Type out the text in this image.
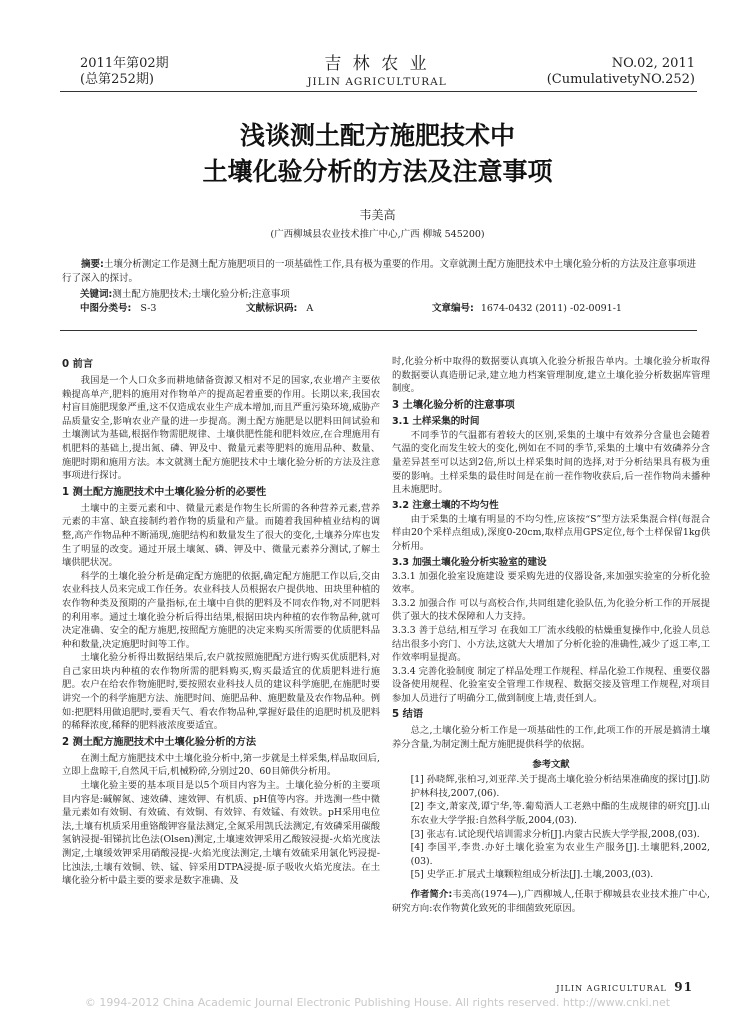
2011年第02期
(总第252期)
吉 林 农 业
JILIN AGRICULTURAL
NO.02, 2011
(CumulativetyNO.252)
浅谈测土配方施肥技术中
土壤化验分析的方法及注意事项
韦美高
(广西柳城县农业技术推广中心,广西 柳城 545200)
摘要:土壤分析测定工作是测土配方施肥项目的一项基础性工作,具有极为重要的作用。文章就测土配方施肥技术中土壤化验分析的方法及注意事项进行了深入的探讨。
关键词:测土配方施肥技术;土壤化验分析;注意事项
中图分类号: S-3	文献标识码: A	文章编号: 1674-0432 (2011) -02-0091-1
0 前言

我国是一个人口众多而耕地储备资源又相对不足的国家,农业增产主要依赖提高单产,肥料的施用对作物单产的提高起着重要的作用。长期以来,我国农村盲目施肥现象严重,这不仅造成农业生产成本增加,而且严重污染环境,威胁产品质量安全,影响农业产量的进一步提高。测土配方施肥是以肥料田间试验和土壤测试为基础,根据作物需肥规律、土壤供肥性能和肥料效应,在合理施用有机肥料的基础上,提出氮、磷、钾及中、微量元素等肥料的施用品种、数量、施肥时期和施用方法。本文就测土配方施肥技术中土壤化验分析的方法及注意事项进行探讨。

1 测土配方施肥技术中土壤化验分析的必要性

土壤中的主要元素和中、微量元素是作物生长所需的各种营养元素,营养元素的丰富、缺直接制约着作物的质量和产量。而随着我国种植业结构的调整,高产作物品种不断涌现,施肥结构和数量发生了很大的变化,土壤养分库也发生了明显的改变。通过开展土壤氮、磷、钾及中、微量元素养分测试,了解土壤供肥状况。

科学的土壤化验分析是确定配方施肥的依据,确定配方施肥工作以后,交由农业科技人员来完成工作任务。农业科技人员根据农户提供地、田块里种植的农作物种类及预期的产量指标,在土壤中自供的肥料及不同农作物,对不同肥料的利用率。通过土壤化验分析后得出结果,根据田块内种植的农作物品种,就可决定准确、安全的配方施肥,按照配方施肥的决定来购买所需要的优质肥料品种和数量,决定施肥时间等工作。

土壤化验分析得出数据结果后,农户就按照施肥配方进行购买优质肥料,对自己家田块内种植的农作物所需的肥料购买,购买最适宜的优质肥料进行施肥。农户在给农作物施肥时,要按照农业科技人员的建议科学施肥,在施肥时要讲究一个的科学施肥方法、施肥时间、施肥品种、施肥数量及农作物品种。例如:把肥料用做追肥时,要看天气、看农作物品种,掌握好最佳的追肥时机及肥料的稀释浓度,稀释的肥料液浓度要适宜。

2 测土配方施肥技术中土壤化验分析的方法

在测土配方施肥技术中土壤化验分析中,第一步就是土样采集,样品取回后,立即上盘晾干,自然风干后,机械粉碎,分别过20、60目筛供分析用。

土壤化验主要的基本项目是以5个项目内容为主。土壤化验分析的主要项目内容是:碱解氮、速效磷、速效钾、有机质、pH值等内容。并选测一些中微量元素如有效铜、有效硫、有效铜、有效锌、有效锰、有效铁。pH采用电位法,土壤有机质采用重铬酸钾容量法测定,全氮采用凯氏法测定,有效磷采用碳酸氢钠浸提-钼锑抗比色法(Olsen)测定,土壤速效钾采用乙酸铵浸提-火焰光度法测定,土壤缓效钾采用硝酸浸提-火焰光度法测定,土壤有效硫采用氯化钙浸提-比浊法,土壤有效铜、铁、锰、锌采用DTPA浸提-原子吸收火焰光度法。在土壤化验分析中最主要的要求是数字准确、及

时,化验分析中取得的数据要认真填入化验分析报告单内。土壤化验分析取得的数据要认真造册记录,建立地力档案管理制度,建立土壤化验分析数据库管理制度。

3 土壤化验分析的注意事项
3.1 土样采集的时间

不同季节的气温都有着较大的区别,采集的土壤中有效养分含量也会随着气温的变化而发生较大的变化,例如在不同的季节,采集的土壤中有效磷养分含量差异甚至可以达到2倍,所以土样采集时间的选择,对于分析结果具有极为重要的影响。土样采集的最佳时间是在前一茬作物收获后,后一茬作物尚未播种且未施肥时。

3.2 注意土壤的不均匀性

由于采集的土壤有明显的不均匀性,应该按“S”型方法采集混合样(每混合样由20个采样点组成),深度0-20cm,取样点用GPS定位,每个土样保留1kg供分析用。

3.3 加强土壤化验分析实验室的建设

3.3.1 加强化验室设施建设 要采购先进的仪器设备,来加强实验室的分析化验效率。

3.3.2 加强合作 可以与高校合作,共同组建化验队伍,为化验分析工作的开展提供了强大的技术保障和人力支持。

3.3.3 善于总结,相互学习 在我如工厂流水线般的枯燥重复操作中,化验人员总结出很多小窍门、小方法,这就大大增加了分析化验的准确性,减少了返工率,工作效率明显提高。

3.3.4 完善化验制度 制定了样品处理工作规程、样品化验工作规程、重要仪器设备使用规程、化验室安全管理工作规程、数据交接及管理工作规程,对项目参加人员进行了明确分工,做到制度上墙,责任到人。

5 结语

总之,土壤化验分析工作是一项基础性的工作,此项工作的开展是搞清土壤养分含量,为制定测土配方施肥提供科学的依据。

参考文献

[1] 孙晓辉,张柏习,刘亚萍.关于提高土壤化验分析结果准确度的探讨[J].防护林科技,2007,(06).

[2] 李文,萧家茂,谭宁华,等.葡萄酒人工老熟中酯的生成规律的研究[J].山东农业大学学报:自然科学版,2004,(03).

[3] 张志有.试论现代培训需求分析[J].内蒙古民族大学学报,2008,(03).

[4] 李国平,李贵.办好土壤化验室为农业生产服务[J].土壤肥料,2002,(03).

[5] 史学正.扩展式土壤颗粒组成分析法[J].土壤,2003,(03).

作者简介:韦美高(1974—),广西柳城人,任职于柳城县农业技术推广中心,研究方向:农作物黄化致死的非细菌致死原因。

JILIN AGRICULTURAL 91
© 1994-2012 China Academic Journal Electronic Publishing House. All rights reserved. http://www.cnki.net
